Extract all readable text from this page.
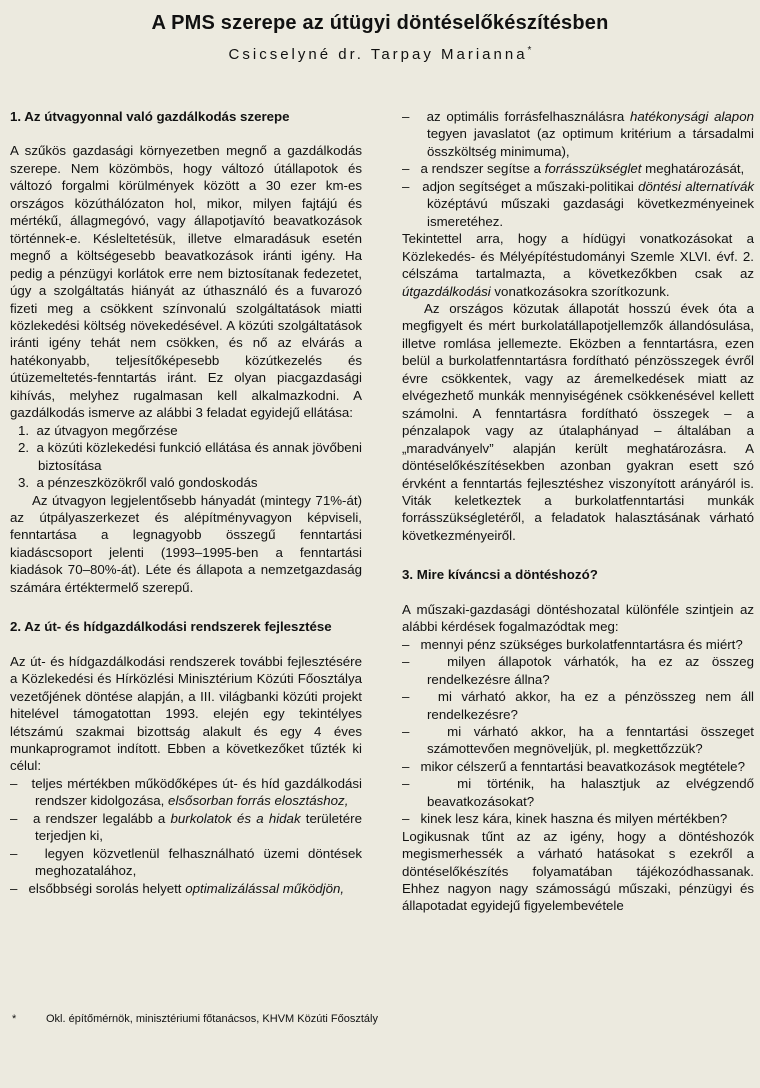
A PMS szerepe az útügyi döntéselőkészítésben
Csicselyné dr. Tarpay Marianna*
1. Az útvagyonnal való gazdálkodás szerepe

A szűkös gazdasági környezetben megnő a gazdálkodás szerepe. Nem közömbös, hogy változó útállapotok és változó forgalmi körülmények között a 30 ezer km-es országos közúthálózaton hol, mikor, milyen fajtájú és mértékű, állagmegóvó, vagy állapotjavító beavatkozások történnek-e. Késleltetésük, illetve elmaradásuk esetén megnő a költségesebb beavatkozások iránti igény. Ha pedig a pénzügyi korlátok erre nem biztosítanak fedezetet, úgy a szolgáltatás hiányát az úthasználó és a fuvarozó fizeti meg a csökkent színvonalú szolgáltatások miatti közlekedési költség növekedésével. A közúti szolgáltatások iránti igény tehát nem csökken, és nő az elvárás a hatékonyabb, teljesítőképesebb közútkezelés és útüzemeltetés-fenntartás iránt. Ez olyan piacgazdasági kihívás, melyhez rugalmasan kell alkalmazkodni. A gazdálkodás ismerve az alábbi 3 feladat egyidejű ellátása:

1. az útvagyon megőrzése

2. a közúti közlekedési funkció ellátása és annak jövőbeni biztosítása

3. a pénzeszközökről való gondoskodás

Az útvagyon legjelentősebb hányadát (mintegy 71%-át) az útpályaszerkezet és alépítményvagyon képviseli, fenntartása a legnagyobb összegű fenntartási kiadáscsoport jelenti (1993–1995-ben a fenntartási kiadások 70–80%-át). Léte és állapota a nemzetgazdaság számára értéktermelő szerepű.

2. Az út- és hídgazdálkodási rendszerek fejlesztése

Az út- és hídgazdálkodási rendszerek további fejlesztésére a Közlekedési és Hírközlési Minisztérium Közúti Főosztálya vezetőjének döntése alapján, a III. világbanki közúti projekt hitelével támogatottan 1993. elején egy tekintélyes létszámú szakmai bizottság alakult és egy 4 éves munkaprogramot indított. Ebben a következőket tűzték ki célul:

– teljes mértékben működőképes út- és híd gazdálkodási rendszer kidolgozása, elsősorban forrás elosztáshoz,

– a rendszer legalább a burkolatok és a hidak területére terjedjen ki,

– legyen közvetlenül felhasználható üzemi döntések meghozatalához,

– elsőbbségi sorolás helyett optimalizálással működjön,

– az optimális forrásfelhasználásra hatékonysági alapon tegyen javaslatot (az optimum kritérium a társadalmi összköltség minimuma),

– a rendszer segítse a forrásszükséglet meghatározását,

– adjon segítséget a műszaki-politikai döntési alternatívák középtávú műszaki gazdasági következményeinek ismeretéhez.

Tekintettel arra, hogy a hídügyi vonatkozásokat a Közlekedés- és Mélyépítéstudományi Szemle XLVI. évf. 2. célszáma tartalmazta, a következőkben csak az útgazdálkodási vonatkozásokra szorítkozunk.

Az országos közutak állapotát hosszú évek óta a megfigyelt és mért burkolatállapotjellemzők állandósulása, illetve romlása jellemezte. Eközben a fenntartásra, ezen belül a burkolatfenntartásra fordítható pénzösszegek évről évre csökkentek, vagy az áremelkedések miatt az elvégezhető munkák mennyiségének csökkenésével kellett számolni. A fenntartásra fordítható összegek – a pénzalapok vagy az útalaphányad – általában a „maradványelv” alapján került meghatározásra. A döntéselőkészítésekben azonban gyakran esett szó érvként a fenntartás fejlesztéshez viszonyított arányáról is. Viták keletkeztek a burkolatfenntartási munkák forrásszükségletéről, a feladatok halasztásának várható következményeiről.

3. Mire kíváncsi a döntéshozó?

A műszaki-gazdasági döntéshozatal különféle szintjein az alábbi kérdések fogalmazódtak meg:

– mennyi pénz szükséges burkolatfenntartásra és miért?

–	milyen állapotok várhatók, ha ez az összeg rendelkezésre állna?

– mi várható akkor, ha ez a pénzösszeg nem áll rendelkezésre?

–	mi várható akkor, ha a fenntartási összeget számottevően megnöveljük, pl. megkettőzzük?

– mikor célszerű a fenntartási beavatkozások megtétele?

–	mi történik, ha halasztjuk az elvégzendő beavatkozásokat?

– kinek lesz kára, kinek haszna és milyen mértékben?

Logikusnak tűnt az az igény, hogy a döntéshozók megismerhessék a várható hatásokat s ezekről a döntéselőkészítés folyamatában tájékozódhassanak. Ehhez nagyon nagy számosságú műszaki, pénzügyi és állapotadat egyidejű figyelembevétele

*	Okl. építőmérnök, minisztériumi főtanácsos, KHVM Közúti Főosztály
